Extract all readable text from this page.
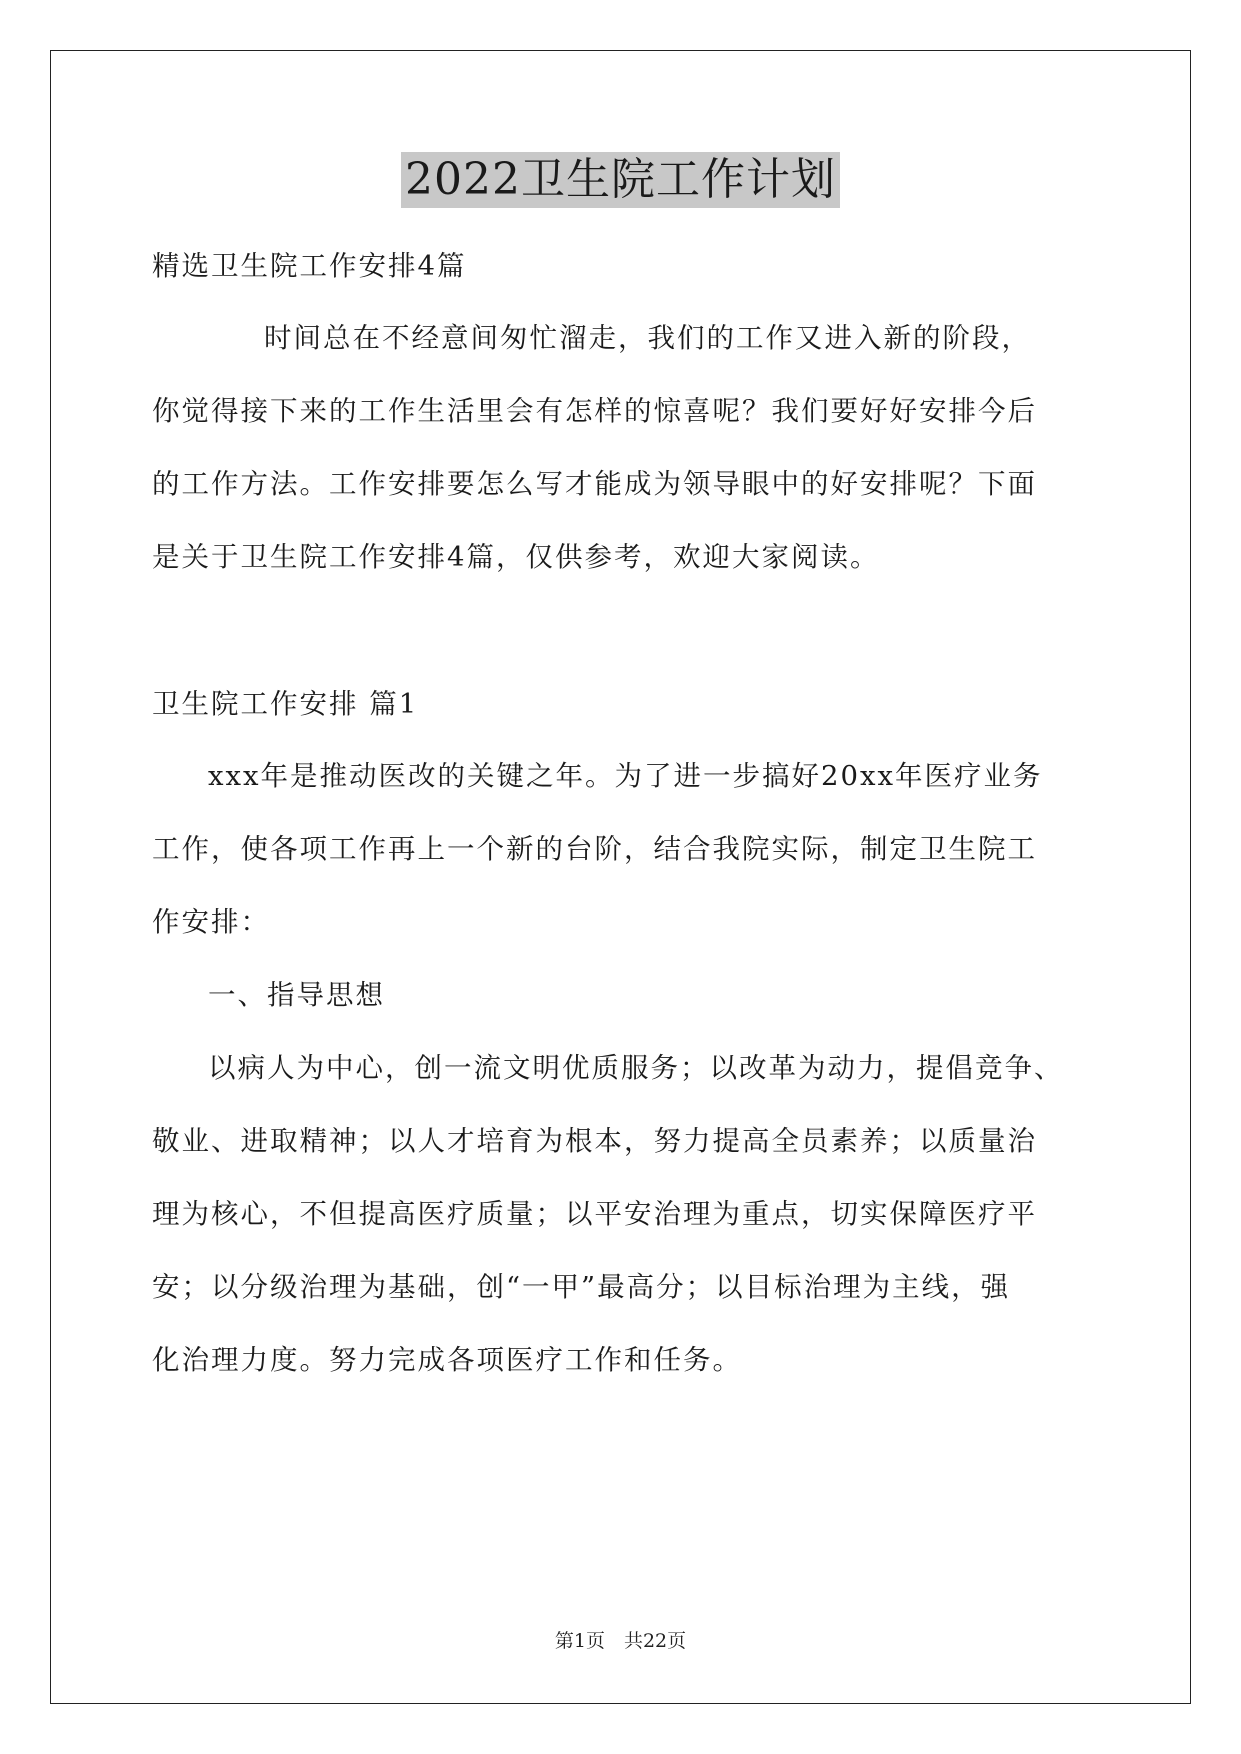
2022卫生院工作计划
精选卫生院工作安排4篇
时间总在不经意间匆忙溜走，我们的工作又进入新的阶段，
你觉得接下来的工作生活里会有怎样的惊喜呢？我们要好好安排今后
的工作方法。工作安排要怎么写才能成为领导眼中的好安排呢？下面
是关于卫生院工作安排4篇，仅供参考，欢迎大家阅读。
卫生院工作安排 篇1
xxx年是推动医改的关键之年。为了进一步搞好20xx年医疗业务
工作，使各项工作再上一个新的台阶，结合我院实际，制定卫生院工
作安排：
一、指导思想
以病人为中心，创一流文明优质服务；以改革为动力，提倡竞争、
敬业、进取精神；以人才培育为根本，努力提高全员素养；以质量治
理为核心，不但提高医疗质量；以平安治理为重点，切实保障医疗平
安；以分级治理为基础，创“一甲”最高分；以目标治理为主线，强
化治理力度。努力完成各项医疗工作和任务。
第1页　共22页
